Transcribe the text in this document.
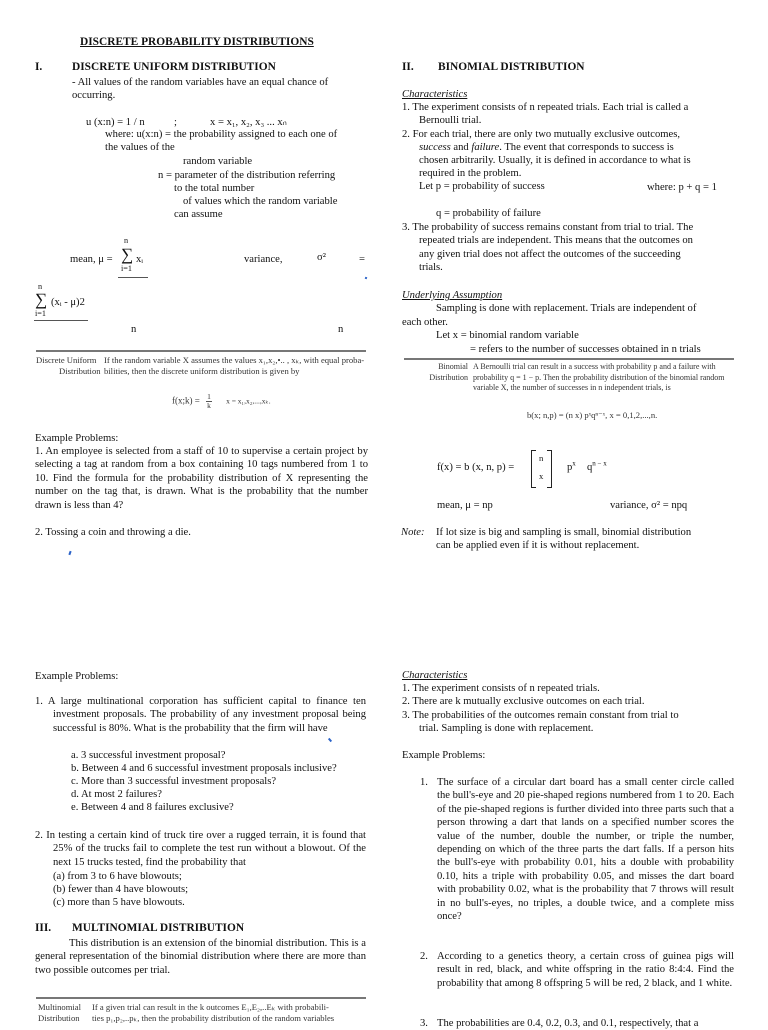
DISCRETE PROBABILITY DISTRIBUTIONS
I.	DISCRETE UNIFORM DISTRIBUTION
- All values of the random variables have an equal chance of
occurring.
u (x:n) = 1 / n	;	x = x₁, x₂, x₃ ... xₙ
where: u(x:n) = the probability assigned to each one of
the values of the
random variable
n = parameter of the distribution referring
to the total number
of values which the random variable
can assume
n
mean, μ = ∑ xᵢ
i=1
variance,	σ²	=
n
∑ (xᵢ - μ)2
i=1
n	n
Discrete Uniform
Distribution
If the random variable X assumes the values x₁,x₂,•.. , xₖ, with equal proba-
bilities, then the discrete uniform distribution is given by
f(x;k) = $\frac{1}{k}$ x = x₁,x₂,...,xₖ.
Example Problems:
1. An employee is selected from a staff of 10 to supervise a certain project by selecting a tag at random from a box containing 10 tags numbered from 1 to 10. Find the formula for the probability distribution of X representing the number on the tag that, is drawn. What is the probability that the number drawn is less than 4?
2. Tossing a coin and throwing a die.
Example Problems:
1. A large multinational corporation has sufficient capital to finance ten investment proposals. The probability of any investment proposal being successful is 80%. What is the probability that the firm will have
a. 3 successful investment proposal?
b. Between 4 and 6 successful investment proposals inclusive?
c. More than 3 successful investment proposals?
d. At most 2 failures?
e. Between 4 and 8 failures exclusive?
2. In testing a certain kind of truck tire over a rugged terrain, it is found that 25% of the trucks fail to complete the test run without a blowout. Of the next 15 trucks tested, find the probability that
(a) from 3 to 6 have blowouts;
(b) fewer than 4 have blowouts;
(c) more than 5 have blowouts.
III. MULTINOMIAL DISTRIBUTION
This distribution is an extension of the binomial distribution. This is a general representation of the binomial distribution where there are more than two possible outcomes per trial.
Multinomial
Distribution
If a given trial can result in the k outcomes E₁,E₂,..Eₖ with probabili-
ties p₁,p₂,..pₖ, then the probability distribution of the random variables
II. BINOMIAL DISTRIBUTION
Characteristics
1. The experiment consists of n repeated trials. Each trial is called a
Bernoulli trial.
2. For each trial, there are only two mutually exclusive outcomes,
success and failure. The event that corresponds to success is
chosen arbitrarily. Usually, it is defined in accordance to what is
required in the problem.
Let p = probability of success	where: p + q = 1
q = probability of failure
3. The probability of success remains constant from trial to trial. The
repeated trials are independent. This means that the outcomes on
any given trial does not affect the outcomes of the succeeding
trials.
Underlying Assumption
Sampling is done with replacement. Trials are independent of
each other.
Let x = binomial random variable
= refers to the number of successes obtained in n trials
Binomial
Distribution
A Bernoulli trial can result in a success with probability p and a failure with
probability q = 1 − p. Then the probability distribution of the binomial random
variable X, the number of successes in n independent trials, is
b(x; n,p) = (n x) pˣqⁿ⁻ˣ, x = 0,1,2,...,n.
f(x) = b (x, n, p) =
n
x
$p^x$ $q^{n - x}$
mean, μ = np	variance, σ² = npq
Note: If lot size is big and sampling is small, binomial distribution
can be applied even if it is without replacement.
Characteristics
1. The experiment consists of n repeated trials.
2. There are k mutually exclusive outcomes on each trial.
3. The probabilities of the outcomes remain constant from trial to
trial. Sampling is done with replacement.
Example Problems:
1. The surface of a circular dart board has a small center circle called the bull's-eye and 20 pie-shaped regions numbered from 1 to 20. Each of the pie-shaped regions is further divided into three parts such that a person throwing a dart that lands on a specified number scores the value of the number, double the number, or triple the number, depending on which of the three parts the dart falls. If a person hits the bull's-eye with probability 0.01, hits a double with probability 0.10, hits a triple with probability 0.05, and misses the dart board with probability 0.02, what is the probability that 7 throws will result in no bull's-eyes, no triples, a double twice, and a complete miss once?
2. According to a genetics theory, a certain cross of guinea pigs will result in red, black, and white offspring in the ratio 8:4:4. Find the probability that among 8 offspring 5 will be red, 2 black, and 1 white.
3. The probabilities are 0.4, 0.2, 0.3, and 0.1, respectively, that a
